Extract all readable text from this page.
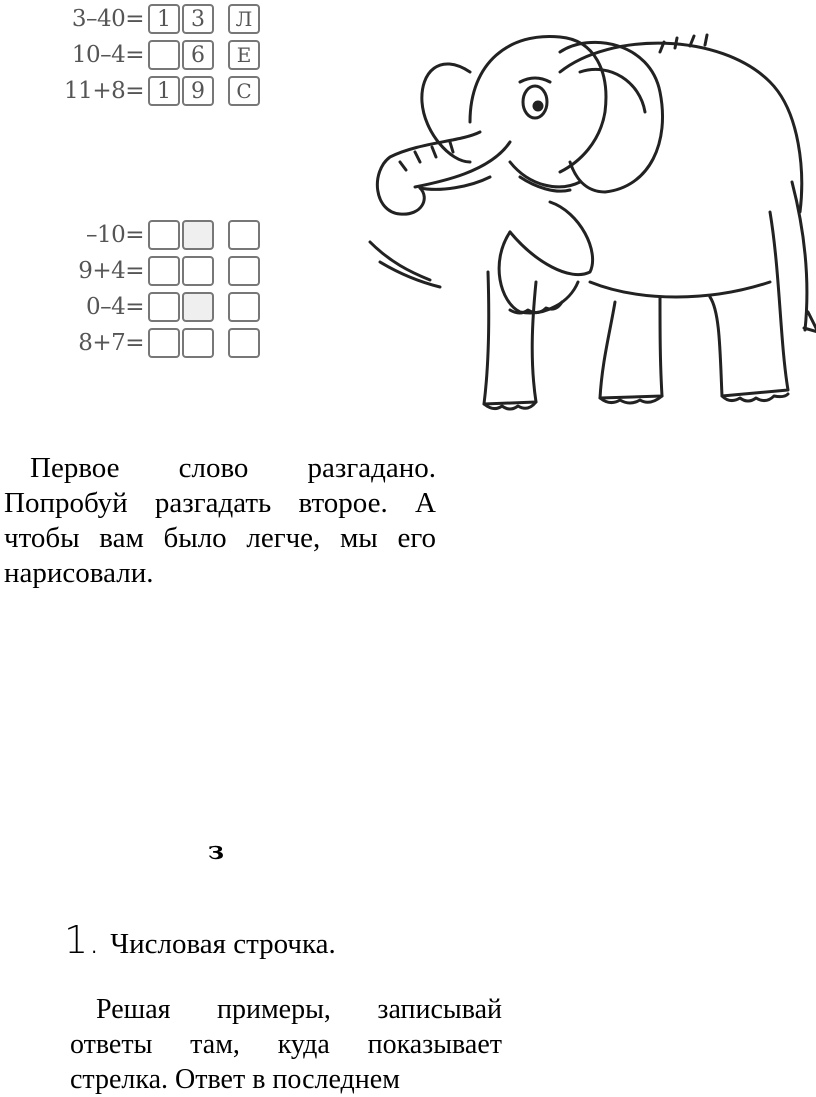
3–40= 1 3	Л
10–4=	6	Е
11+8= 1 9	С
–10=
9+4=
0–4=
8+7=

Первое слово разгадано. Попробуй разгадать второе. А чтобы вам было легче, мы его нарисовали.

з
1. Числовая строчка.

Решая примеры, записывай ответы там, куда показывает стрелка. Ответ в последнем
